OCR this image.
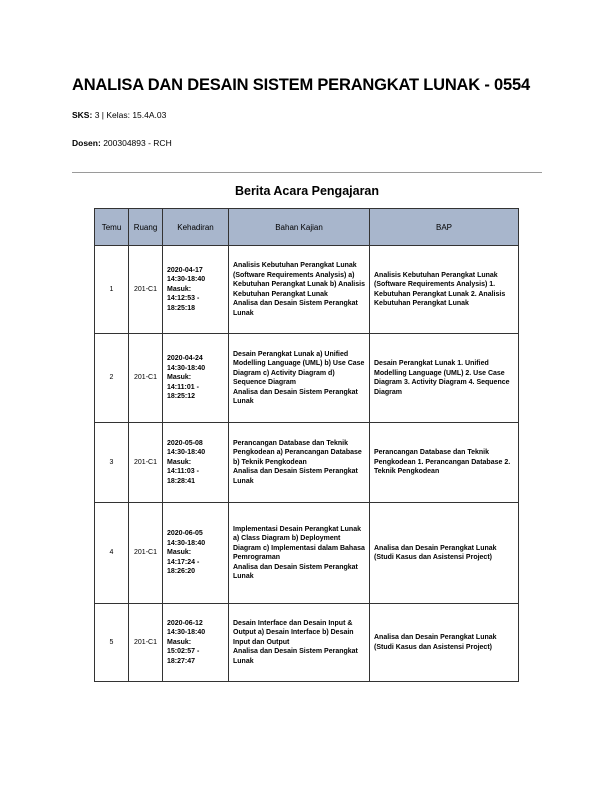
ANALISA DAN DESAIN SISTEM PERANGKAT LUNAK - 0554
SKS: 3 | Kelas: 15.4A.03
Dosen: 200304893 - RCH
Berita Acara Pengajaran
Temu	Ruang	Kehadiran	Bahan Kajian	BAP
1	201-C1	2020-04-17
14:30-18:40
Masuk:
14:12:53 -
18:25:18	Analisis Kebutuhan Perangkat Lunak (Software Requirements Analysis) a) Kebutuhan Perangkat Lunak b) Analisis Kebutuhan Perangkat Lunak
Analisa dan Desain Sistem Perangkat Lunak	Analisis Kebutuhan Perangkat Lunak (Software Requirements Analysis) 1. Kebutuhan Perangkat Lunak 2. Analisis Kebutuhan Perangkat Lunak
2	201-C1	2020-04-24
14:30-18:40
Masuk:
14:11:01 -
18:25:12	Desain Perangkat Lunak a) Unified Modelling Language (UML) b) Use Case Diagram c) Activity Diagram d) Sequence Diagram
Analisa dan Desain Sistem Perangkat Lunak	Desain Perangkat Lunak 1. Unified Modelling Language (UML) 2. Use Case Diagram 3. Activity Diagram 4. Sequence Diagram
3	201-C1	2020-05-08
14:30-18:40
Masuk:
14:11:03 -
18:28:41	Perancangan Database dan Teknik Pengkodean a) Perancangan Database b) Teknik Pengkodean
Analisa dan Desain Sistem Perangkat Lunak	Perancangan Database dan Teknik Pengkodean 1. Perancangan Database 2. Teknik Pengkodean
4	201-C1	2020-06-05
14:30-18:40
Masuk:
14:17:24 -
18:26:20	Implementasi Desain Perangkat Lunak a) Class Diagram b) Deployment Diagram c) Implementasi dalam Bahasa Pemrograman
Analisa dan Desain Sistem Perangkat Lunak	Analisa dan Desain Perangkat Lunak (Studi Kasus dan Asistensi Project)
5	201-C1	2020-06-12
14:30-18:40
Masuk:
15:02:57 -
18:27:47	Desain Interface dan Desain Input & Output a) Desain Interface b) Desain Input dan Output
Analisa dan Desain Sistem Perangkat Lunak	Analisa dan Desain Perangkat Lunak (Studi Kasus dan Asistensi Project)
